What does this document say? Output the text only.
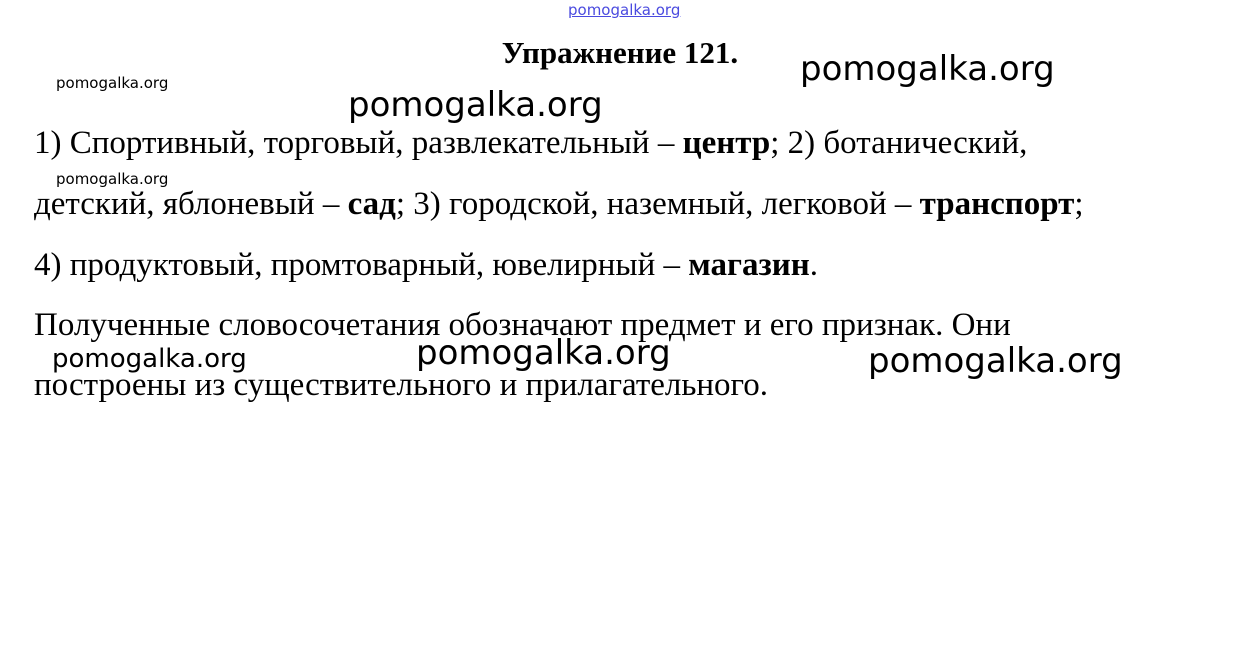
pomogalka.org
pomogalka.org
pomogalka.org
pomogalka.org
pomogalka.org
Упражнение 121.
1) Спортивный, торговый, развлекательный – центр; 2) ботанический,
детский, яблоневый – сад; 3) городской, наземный, легковой – транспорт;
4) продуктовый, промтоварный, ювелирный – магазин.
Полученные словосочетания обозначают предмет и его признак. Они
построены из существительного и прилагательного.
pomogalka.org	pomogalka.org	pomogalka.org
